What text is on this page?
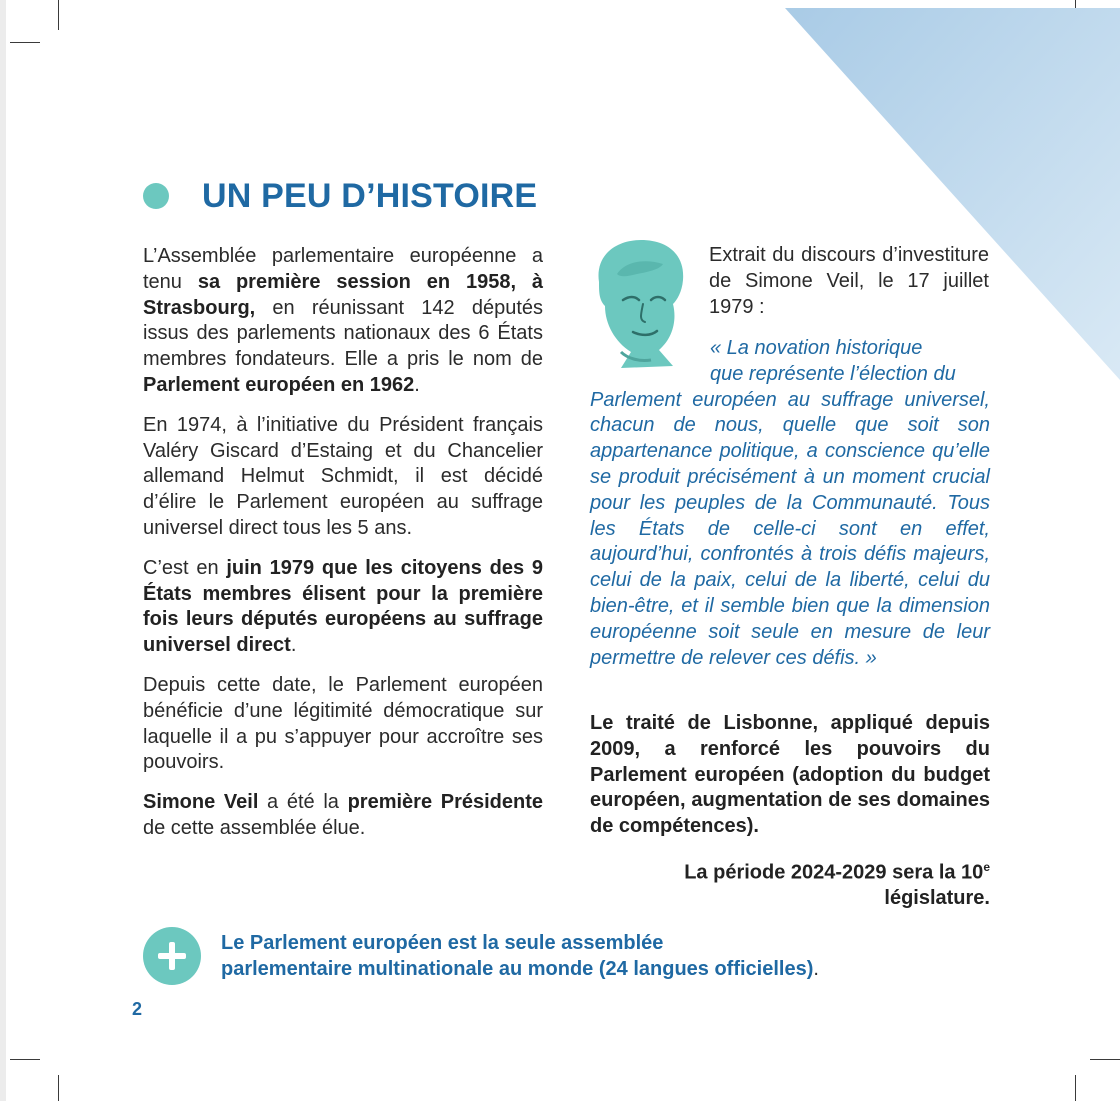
UN PEU D’HISTOIRE

L’Assemblée parlementaire européenne a tenu sa première session en 1958, à Strasbourg, en réunissant 142 députés issus des parlements nationaux des 6 États membres fondateurs. Elle a pris le nom de Parlement européen en 1962.

En 1974, à l’initiative du Président français Valéry Giscard d’Estaing et du Chancelier allemand Helmut Schmidt, il est décidé d’élire le Parlement européen au suffrage universel direct tous les 5 ans.

C’est en juin 1979 que les citoyens des 9 États membres élisent pour la première fois leurs députés européens au suffrage universel direct.

Depuis cette date, le Parlement européen bénéficie d’une légitimité démocratique sur laquelle il a pu s’appuyer pour accroître ses pouvoirs.

Simone Veil a été la première Présidente de cette assemblée élue.

Extrait du discours d’investiture de Simone Veil, le 17 juillet 1979 :

« La novation historique
que représente l’élection du
Parlement européen au suffrage universel, chacun de nous, quelle que soit son appartenance politique, a conscience qu’elle se produit précisément à un moment crucial pour les peuples de la Communauté. Tous les États de celle-ci sont en effet, aujourd’hui, confrontés à trois défis majeurs, celui de la paix, celui de la liberté, celui du bien-être, et il semble bien que la dimension européenne soit seule en mesure de leur permettre de relever ces défis. »

Le traité de Lisbonne, appliqué depuis 2009, a renforcé les pouvoirs du Parlement européen (adoption du budget européen, augmentation de ses domaines de compétences).

La période 2024-2029 sera la 10e législature.

Le Parlement européen est la seule assemblée
parlementaire multinationale au monde (24 langues officielles).

2
